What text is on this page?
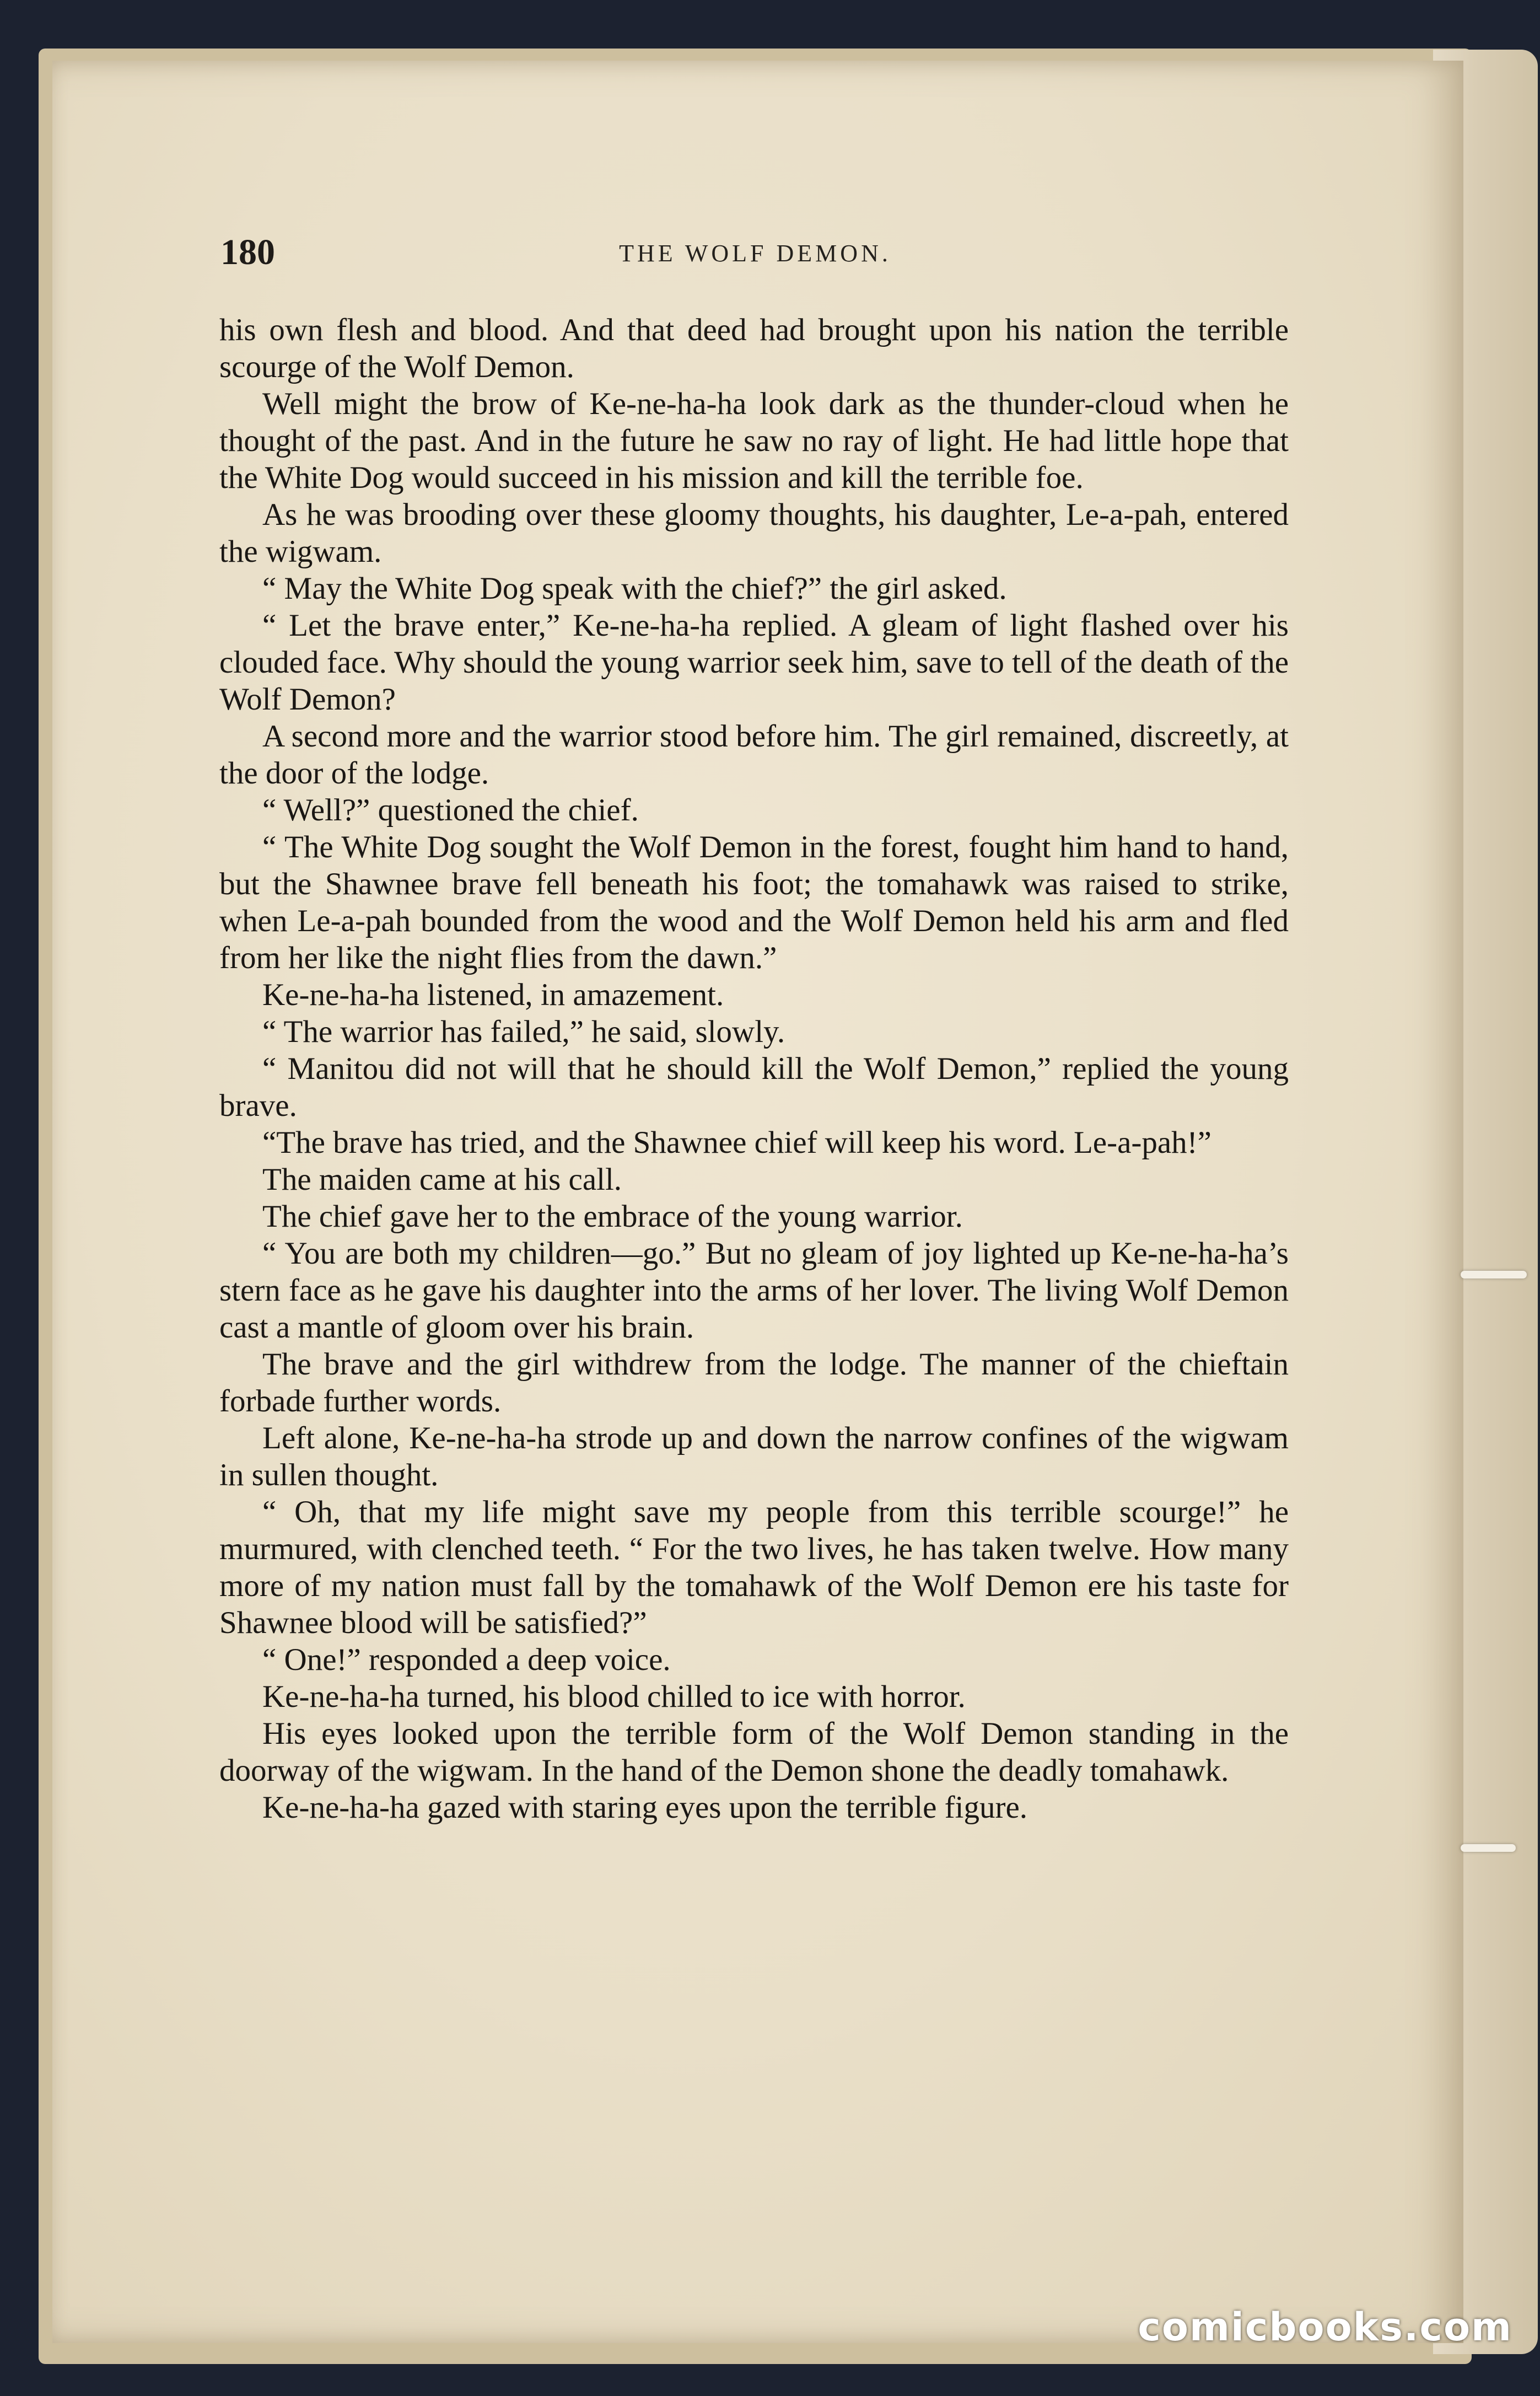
180	THE WOLF DEMON.

his own flesh and blood. And that deed had brought upon his nation the terrible scourge of the Wolf Demon.

Well might the brow of Ke-ne-ha-ha look dark as the thunder-cloud when he thought of the past. And in the future he saw no ray of light. He had little hope that the White Dog would succeed in his mission and kill the terrible foe.

As he was brooding over these gloomy thoughts, his daughter, Le-a-pah, entered the wigwam.

“ May the White Dog speak with the chief?” the girl asked.

“ Let the brave enter,” Ke-ne-ha-ha replied. A gleam of light flashed over his clouded face. Why should the young warrior seek him, save to tell of the death of the Wolf Demon?

A second more and the warrior stood before him. The girl remained, discreetly, at the door of the lodge.

“ Well?” questioned the chief.

“ The White Dog sought the Wolf Demon in the forest, fought him hand to hand, but the Shawnee brave fell beneath his foot; the tomahawk was raised to strike, when Le-a-pah bounded from the wood and the Wolf Demon held his arm and fled from her like the night flies from the dawn.”

Ke-ne-ha-ha listened, in amazement.

“ The warrior has failed,” he said, slowly.

“ Manitou did not will that he should kill the Wolf Demon,” replied the young brave.

“The brave has tried, and the Shawnee chief will keep his word. Le-a-pah!”

The maiden came at his call.

The chief gave her to the embrace of the young warrior.

“ You are both my children—go.” But no gleam of joy lighted up Ke-ne-ha-ha’s stern face as he gave his daughter into the arms of her lover. The living Wolf Demon cast a mantle of gloom over his brain.

The brave and the girl withdrew from the lodge. The manner of the chieftain forbade further words.

Left alone, Ke-ne-ha-ha strode up and down the narrow confines of the wigwam in sullen thought.

“ Oh, that my life might save my people from this terrible scourge!” he murmured, with clenched teeth. “ For the two lives, he has taken twelve. How many more of my nation must fall by the tomahawk of the Wolf Demon ere his taste for Shawnee blood will be satisfied?”

“ One!” responded a deep voice.

Ke-ne-ha-ha turned, his blood chilled to ice with horror.

His eyes looked upon the terrible form of the Wolf Demon standing in the doorway of the wigwam. In the hand of the Demon shone the deadly tomahawk.

Ke-ne-ha-ha gazed with staring eyes upon the terrible figure.

comicbooks.com
